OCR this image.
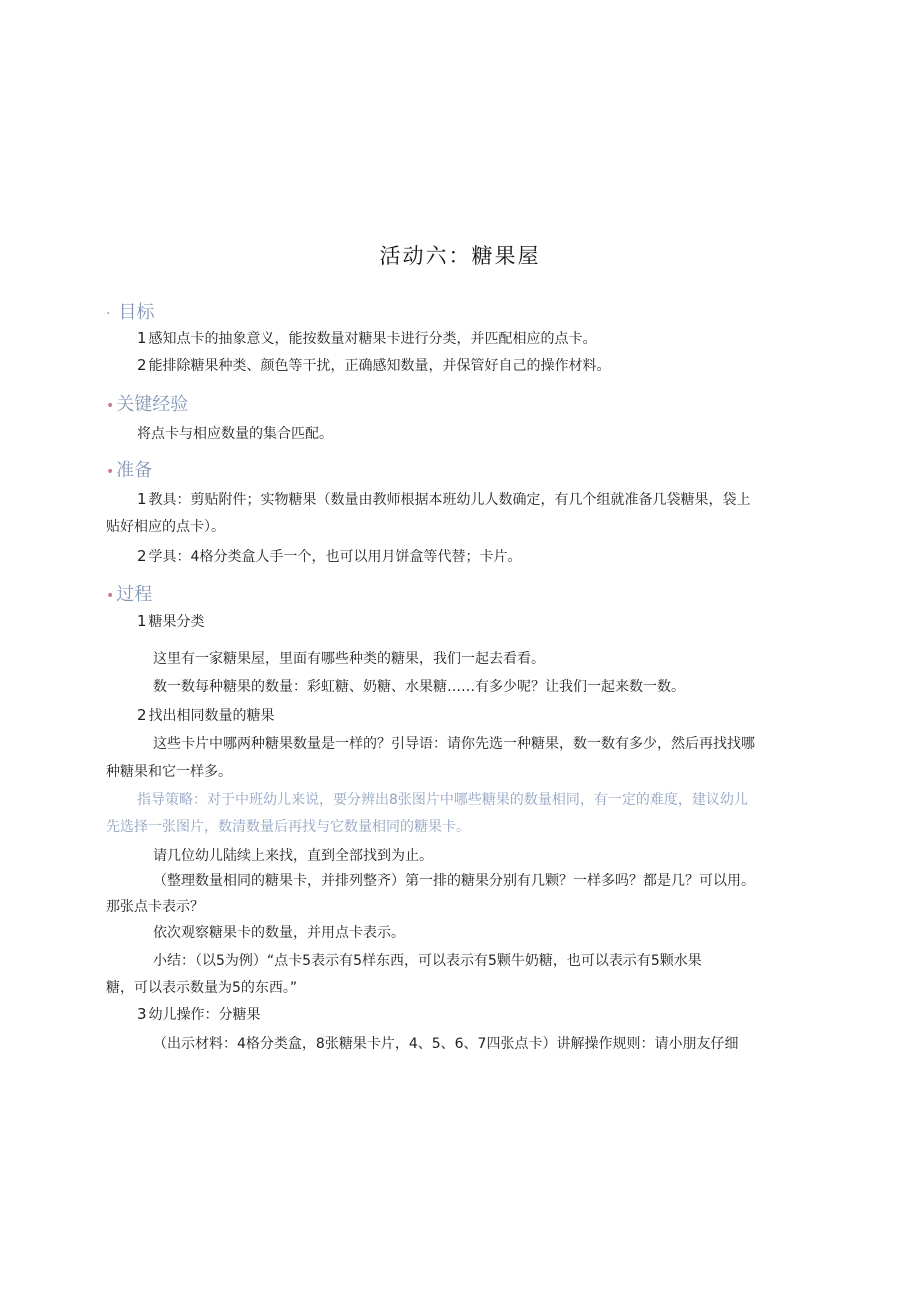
活动六：糖果屋
· 目标
1 感知点卡的抽象意义，能按数量对糖果卡进行分类，并匹配相应的点卡。
2 能排除糖果种类、颜色等干扰，正确感知数量，并保管好自己的操作材料。
• 关键经验
将点卡与相应数量的集合匹配。
• 准备
1 教具：剪贴附件；实物糖果（数量由教师根据本班幼儿人数确定，有几个组就准备几袋糖果，袋上
贴好相应的点卡）。
2 学具：4格分类盒人手一个，也可以用月饼盒等代替；卡片。
• 过程
1 糖果分类
这里有一家糖果屋，里面有哪些种类的糖果，我们一起去看看。
数一数每种糖果的数量：彩虹糖、奶糖、水果糖……有多少呢？让我们一起来数一数。
2 找出相同数量的糖果
这些卡片中哪两种糖果数量是一样的？引导语：请你先选一种糖果，数一数有多少，然后再找找哪
种糖果和它一样多。
指导策略：对于中班幼儿来说，要分辨出8张图片中哪些糖果的数量相同，有一定的难度，建议幼儿
先选择一张图片，数清数量后再找与它数量相同的糖果卡。
请几位幼儿陆续上来找，直到全部找到为止。
（整理数量相同的糖果卡，并排列整齐）第一排的糖果分别有几颗？一样多吗？都是几？可以用。
那张点卡表示？
依次观察糖果卡的数量，并用点卡表示。
小结：（以5为例）“点卡5表示有5样东西，可以表示有5颗牛奶糖，也可以表示有5颗水果
糖，可以表示数量为5的东西。”
3 幼儿操作：分糖果
（出示材料：4格分类盒，8张糖果卡片，4、5、6、7四张点卡）讲解操作规则：请小朋友仔细
